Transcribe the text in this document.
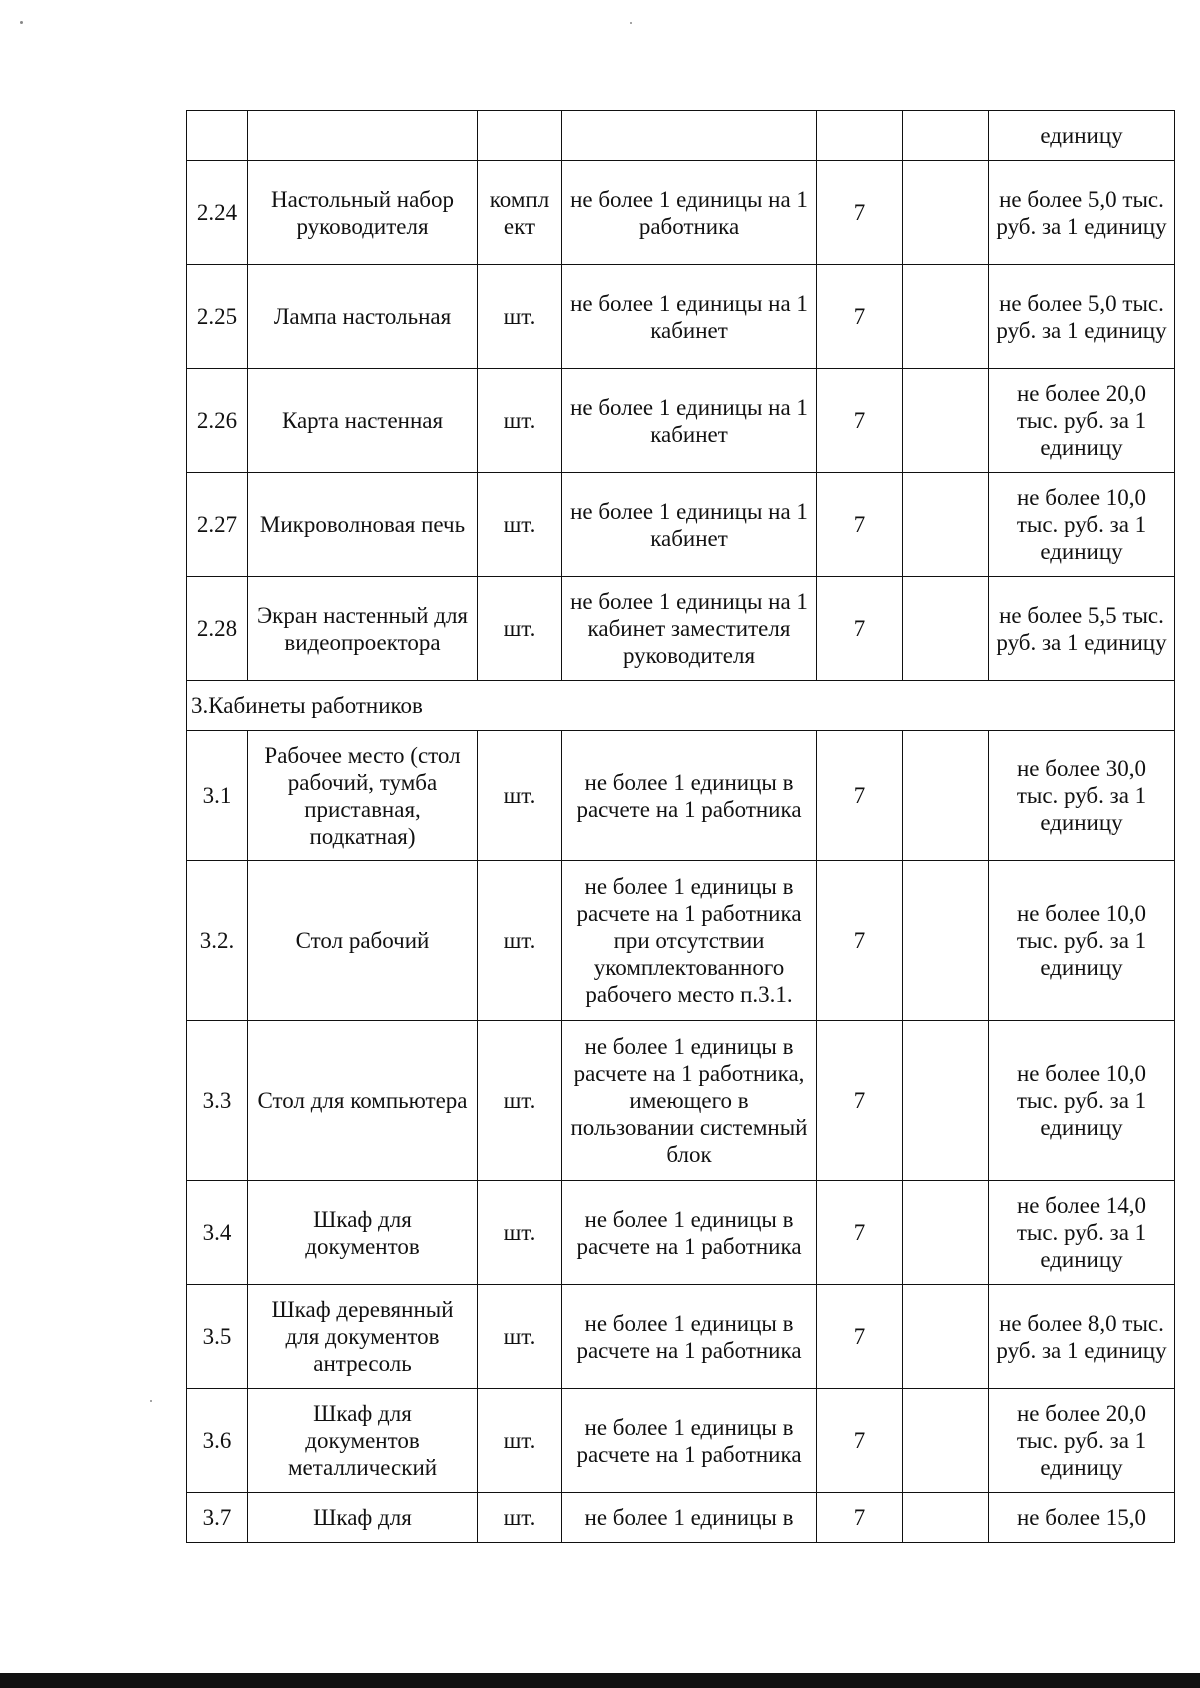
						единицу
2.24	Настольный набор руководителя	компл ект	не более 1 единицы на 1 работника	7		не более 5,0 тыс. руб. за 1 единицу
2.25	Лампа настольная	шт.	не более 1 единицы на 1 кабинет	7		не более 5,0 тыс. руб. за 1 единицу
2.26	Карта настенная	шт.	не более 1 единицы на 1 кабинет	7		не более 20,0 тыс. руб. за 1 единицу
2.27	Микроволновая печь	шт.	не более 1 единицы на 1 кабинет	7		не более 10,0 тыс. руб. за 1 единицу
2.28	Экран настенный для видеопроектора	шт.	не более 1 единицы на 1 кабинет заместителя руководителя	7		не более 5,5 тыс. руб. за 1 единицу
3.Кабинеты работников						
3.1	Рабочее место (стол рабочий, тумба приставная, подкатная)	шт.	не более 1 единицы в расчете на 1 работника	7		не более 30,0 тыс. руб. за 1 единицу
3.2.	Стол рабочий	шт.	не более 1 единицы в расчете на 1 работника при отсутствии укомплектованного рабочего место п.3.1.	7		не более 10,0 тыс. руб. за 1 единицу
3.3	Стол для компьютера	шт.	не более 1 единицы в расчете на 1 работника, имеющего в пользовании системный блок	7		не более 10,0 тыс. руб. за 1 единицу
3.4	Шкаф для документов	шт.	не более 1 единицы в расчете на 1 работника	7		не более 14,0 тыс. руб. за 1 единицу
3.5	Шкаф деревянный для документов антресоль	шт.	не более 1 единицы в расчете на 1 работника	7		не более 8,0 тыс. руб. за 1 единицу
3.6	Шкаф для документов металлический	шт.	не более 1 единицы в расчете на 1 работника	7		не более 20,0 тыс. руб. за 1 единицу
3.7	Шкаф для	шт.	не более 1 единицы в	7		не более 15,0
